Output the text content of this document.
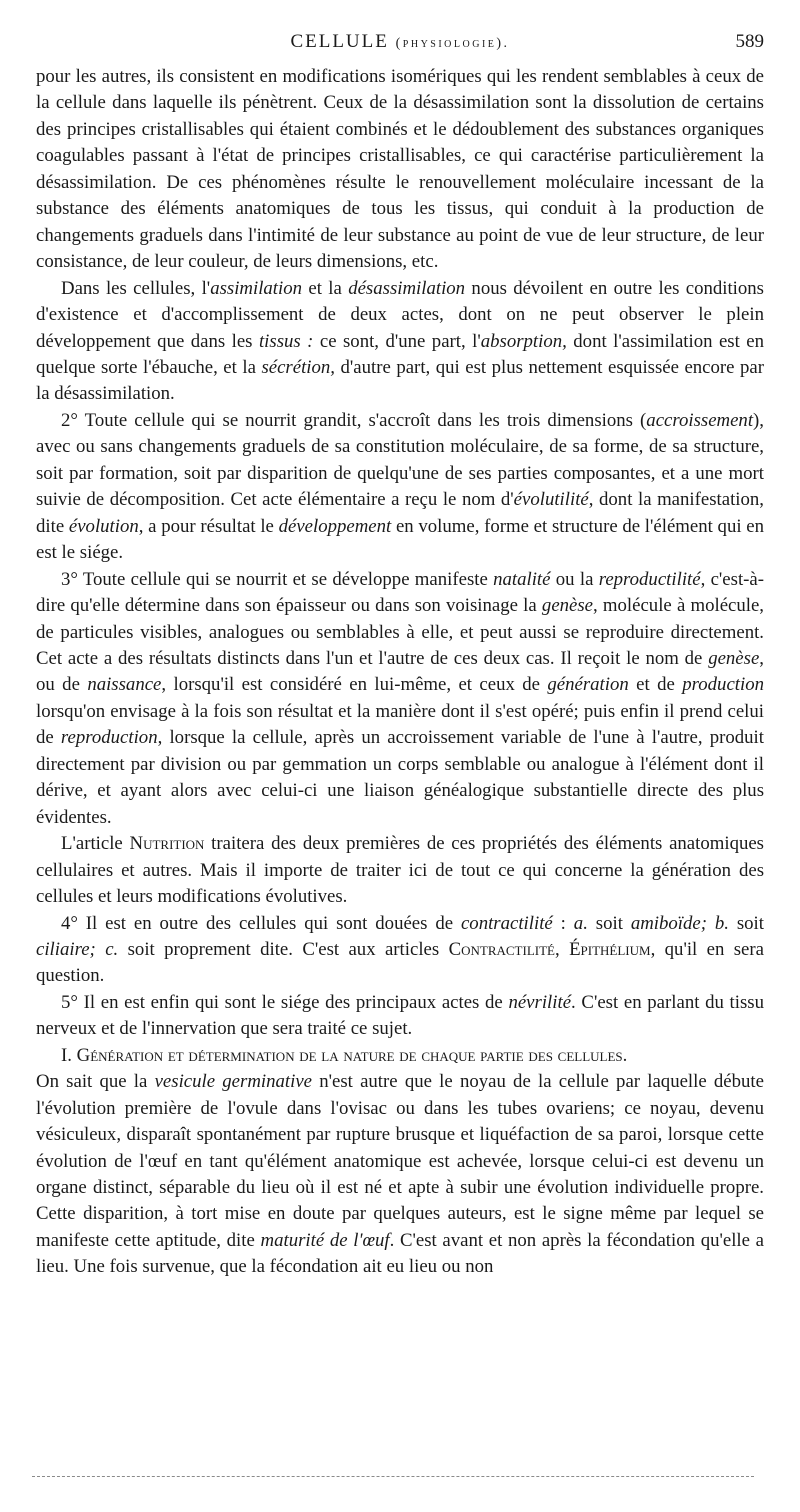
CELLULE (physiologie).	589

pour les autres, ils consistent en modifications isomériques qui les rendent semblables à ceux de la cellule dans laquelle ils pénètrent. Ceux de la désassimilation sont la dissolution de certains des principes cristallisables qui étaient combinés et le dédoublement des substances organiques coagulables passant à l'état de principes cristallisables, ce qui caractérise particulièrement la désassimilation. De ces phénomènes résulte le renouvellement moléculaire incessant de la substance des éléments anatomiques de tous les tissus, qui conduit à la production de changements graduels dans l'intimité de leur substance au point de vue de leur structure, de leur consistance, de leur couleur, de leurs dimensions, etc.

Dans les cellules, l'assimilation et la désassimilation nous dévoilent en outre les conditions d'existence et d'accomplissement de deux actes, dont on ne peut observer le plein développement que dans les tissus : ce sont, d'une part, l'absorption, dont l'assimilation est en quelque sorte l'ébauche, et la sécrétion, d'autre part, qui est plus nettement esquissée encore par la désassimilation.

2° Toute cellule qui se nourrit grandit, s'accroît dans les trois dimensions (accroissement), avec ou sans changements graduels de sa constitution moléculaire, de sa forme, de sa structure, soit par formation, soit par disparition de quelqu'une de ses parties composantes, et a une mort suivie de décomposition. Cet acte élémentaire a reçu le nom d'évolutilité, dont la manifestation, dite évolution, a pour résultat le développement en volume, forme et structure de l'élément qui en est le siége.

3° Toute cellule qui se nourrit et se développe manifeste natalité ou la reproductilité, c'est-à-dire qu'elle détermine dans son épaisseur ou dans son voisinage la genèse, molécule à molécule, de particules visibles, analogues ou semblables à elle, et peut aussi se reproduire directement. Cet acte a des résultats distincts dans l'un et l'autre de ces deux cas. Il reçoit le nom de genèse, ou de naissance, lorsqu'il est considéré en lui-même, et ceux de génération et de production lorsqu'on envisage à la fois son résultat et la manière dont il s'est opéré; puis enfin il prend celui de reproduction, lorsque la cellule, après un accroissement variable de l'une à l'autre, produit directement par division ou par gemmation un corps semblable ou analogue à l'élément dont il dérive, et ayant alors avec celui-ci une liaison généalogique substantielle directe des plus évidentes.

L'article Nutrition traitera des deux premières de ces propriétés des éléments anatomiques cellulaires et autres. Mais il importe de traiter ici de tout ce qui concerne la génération des cellules et leurs modifications évolutives.

4° Il est en outre des cellules qui sont douées de contractilité : a. soit amiboïde; b. soit ciliaire; c. soit proprement dite. C'est aux articles Contractilité, Épithélium, qu'il en sera question.

5° Il en est enfin qui sont le siége des principaux actes de névrilité. C'est en parlant du tissu nerveux et de l'innervation que sera traité ce sujet.

I. Génération et détermination de la nature de chaque partie des cellules.

On sait que la vesicule germinative n'est autre que le noyau de la cellule par laquelle débute l'évolution première de l'ovule dans l'ovisac ou dans les tubes ovariens; ce noyau, devenu vésiculeux, disparaît spontanément par rupture brusque et liquéfaction de sa paroi, lorsque cette évolution de l'œuf en tant qu'élément anatomique est achevée, lorsque celui-ci est devenu un organe distinct, séparable du lieu où il est né et apte à subir une évolution individuelle propre. Cette disparition, à tort mise en doute par quelques auteurs, est le signe même par lequel se manifeste cette aptitude, dite maturité de l'œuf. C'est avant et non après la fécondation qu'elle a lieu. Une fois survenue, que la fécondation ait eu lieu ou non
